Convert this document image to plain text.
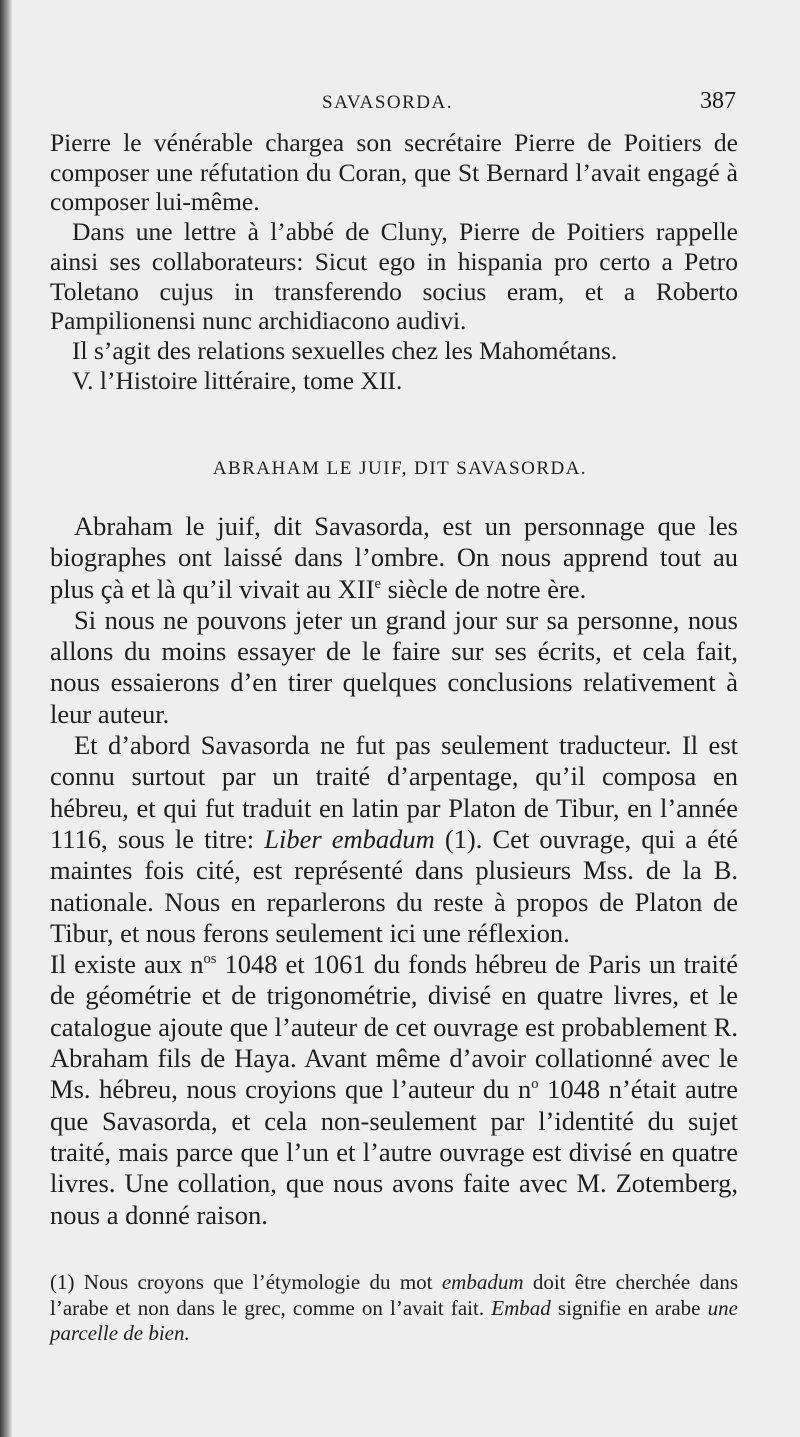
SAVASORDA.	387

Pierre le vénérable chargea son secrétaire Pierre de Poitiers de composer une réfutation du Coran, que St Bernard l’avait engagé à composer lui-même.

Dans une lettre à l’abbé de Cluny, Pierre de Poitiers rappelle ainsi ses collaborateurs: Sicut ego in hispania pro certo a Petro Toletano cujus in transferendo socius eram, et a Roberto Pampilionensi nunc archidiacono audivi.

Il s’agit des relations sexuelles chez les Mahométans.

V. l’Histoire littéraire, tome XII.

ABRAHAM LE JUIF, DIT SAVASORDA.

Abraham le juif, dit Savasorda, est un personnage que les biographes ont laissé dans l’ombre. On nous apprend tout au plus çà et là qu’il vivait au XIIe siècle de notre ère.

Si nous ne pouvons jeter un grand jour sur sa personne, nous allons du moins essayer de le faire sur ses écrits, et cela fait, nous essaierons d’en tirer quelques conclusions relativement à leur auteur.

Et d’abord Savasorda ne fut pas seulement traducteur. Il est connu surtout par un traité d’arpentage, qu’il composa en hébreu, et qui fut traduit en latin par Platon de Tibur, en l’année 1116, sous le titre: Liber embadum (1). Cet ouvrage, qui a été maintes fois cité, est représenté dans plusieurs Mss. de la B. nationale. Nous en reparlerons du reste à propos de Platon de Tibur, et nous ferons seulement ici une réflexion.

Il existe aux $n^{os}$ 1048 et 1061 du fonds hébreu de Paris un traité de géométrie et de trigonométrie, divisé en quatre livres, et le catalogue ajoute que l’auteur de cet ouvrage est probablement R. Abraham fils de Haya. Avant même d’avoir collationné avec le Ms. hébreu, nous croyions que l’auteur du $n^o$ 1048 n’était autre que Savasorda, et cela non-seulement par l’identité du sujet traité, mais parce que l’un et l’autre ouvrage est divisé en quatre livres. Une collation, que nous avons faite avec M. Zotemberg, nous a donné raison.

(1) Nous croyons que l’étymologie du mot embadum doit être cherchée dans l’arabe et non dans le grec, comme on l’avait fait. Embad signifie en arabe une parcelle de bien.
